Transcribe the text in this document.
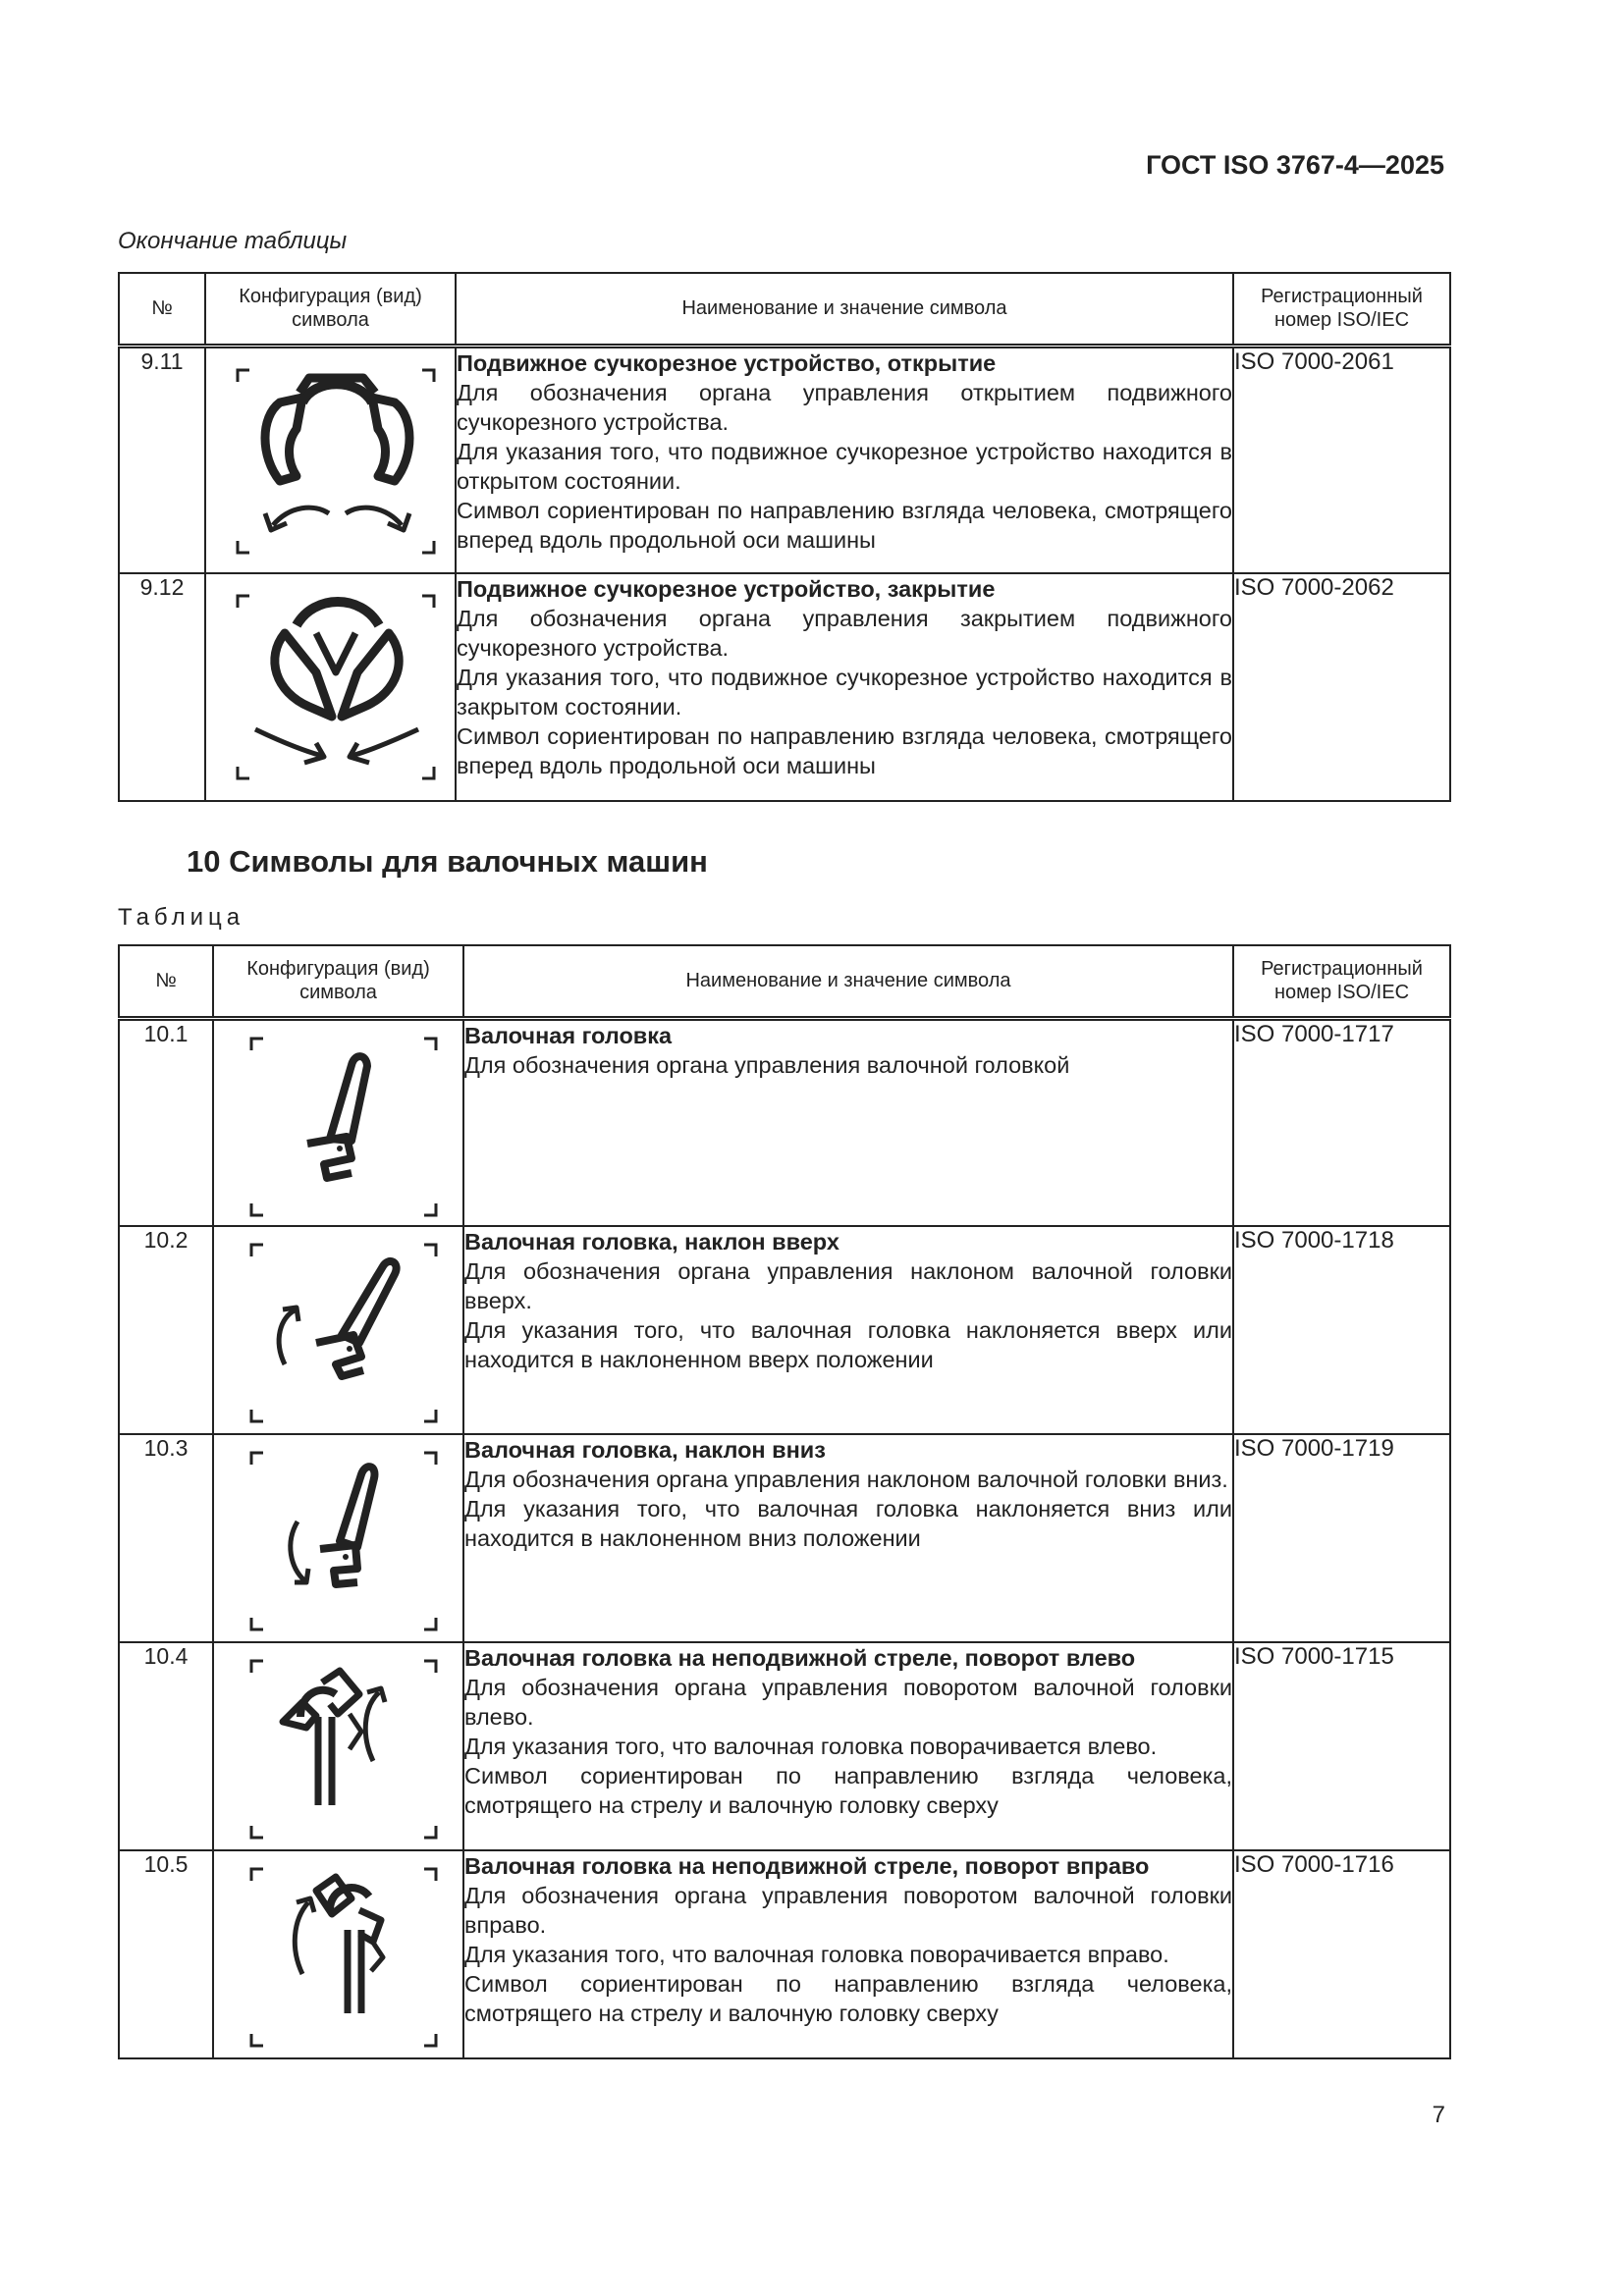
ГОСТ ISO 3767-4—2025
Окончание таблицы
№	Конфигурация (вид) символа	Наименование и значение символа	Регистрационный номер ISO/IEC
9.11		Подвижное сучкорезное устройство, открытие

Для обозначения органа управления открытием подвижного сучкорезного устройства.

Для указания того, что подвижное сучкорезное устройство находится в открытом состоянии.

Символ сориентирован по направлению взгляда человека, смотрящего вперед вдоль продольной оси машины	ISO 7000-2061
9.12		Подвижное сучкорезное устройство, закрытие

Для обозначения органа управления закрытием подвижного сучкорезного устройства.

Для указания того, что подвижное сучкорезное устройство находится в закрытом состоянии.

Символ сориентирован по направлению взгляда человека, смотрящего вперед вдоль продольной оси машины	ISO 7000-2062
10 Символы для валочных машин
Таблица
№	Конфигурация (вид) символа	Наименование и значение символа	Регистрационный номер ISO/IEC
10.1		Валочная головка

Для обозначения органа управления валочной головкой	ISO 7000-1717
10.2		Валочная головка, наклон вверх

Для обозначения органа управления наклоном валочной головки вверх.

Для указания того, что валочная головка наклоняется вверх или находится в наклоненном вверх положении	ISO 7000-1718
10.3		Валочная головка, наклон вниз

Для обозначения органа управления наклоном валочной головки вниз.

Для указания того, что валочная головка наклоняется вниз или находится в наклоненном вниз положении	ISO 7000-1719
10.4		Валочная головка на неподвижной стреле, поворот влево

Для обозначения органа управления поворотом валочной головки влево.

Для указания того, что валочная головка поворачивается влево.

Символ сориентирован по направлению взгляда человека, смотрящего на стрелу и валочную головку сверху	ISO 7000-1715
10.5		Валочная головка на неподвижной стреле, поворот вправо

Для обозначения органа управления поворотом валочной головки вправо.

Для указания того, что валочная головка поворачивается вправо.

Символ сориентирован по направлению взгляда человека, смотрящего на стрелу и валочную головку сверху	ISO 7000-1716
7
